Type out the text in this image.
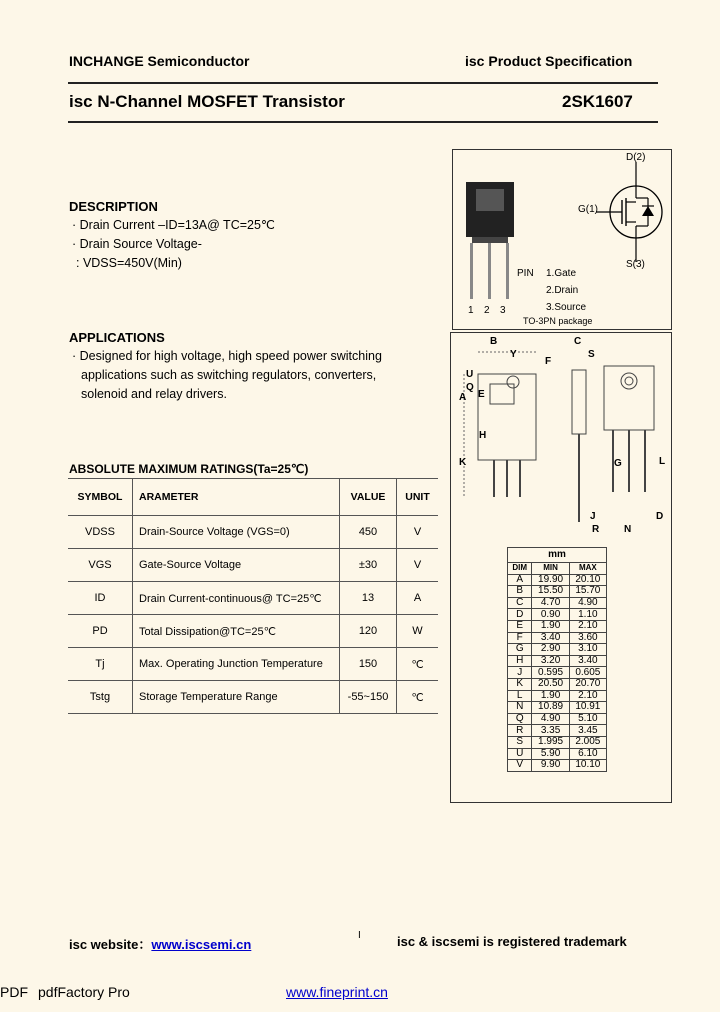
INCHANGE Semiconductor	isc Product Specification
isc N-Channel MOSFET Transistor	2SK1607
DESCRIPTION
· Drain Current –ID=13A@ TC=25℃
· Drain Source Voltage-
: VDSS=450V(Min)
APPLICATIONS
· Designed for high voltage, high speed power switching
applications such as switching regulators, converters,
solenoid and relay drivers.
ABSOLUTE MAXIMUM RATINGS(Ta=25℃)
SYMBOL	ARAMETER	VALUE	UNIT
VDSS	Drain-Source Voltage (VGS=0)	450	V
VGS	Gate-Source Voltage	±30	V
ID	Drain Current-continuous@ TC=25℃	13	A
PD	Total Dissipation@TC=25℃	120	W
Tj	Max. Operating Junction Temperature	150	℃
Tstg	Storage Temperature Range	-55~150	℃
1 2 3
D(2)
G(1)
S(3)
PIN 1.Gate
2.Drain
3.Source
TO-3PN package
B
Y
C
S
F
U
Q
A E
H
K	G	L
J
R N
D
mm		
DIM	MIN	MAX
A	19.90	20.10
B	15.50	15.70
C	4.70	4.90
D	0.90	1.10
E	1.90	2.10
F	3.40	3.60
G	2.90	3.10
H	3.20	3.40
J	0.595	0.605
K	20.50	20.70
L	1.90	2.10
N	10.89	10.91
Q	4.90	5.10
R	3.35	3.45
S	1.995	2.005
U	5.90	6.10
V	9.90	10.10
isc website：www.iscsemi.cn
I	isc & iscsemi is registered trademark
PDF pdfFactory Pro	www.fineprint.cn
